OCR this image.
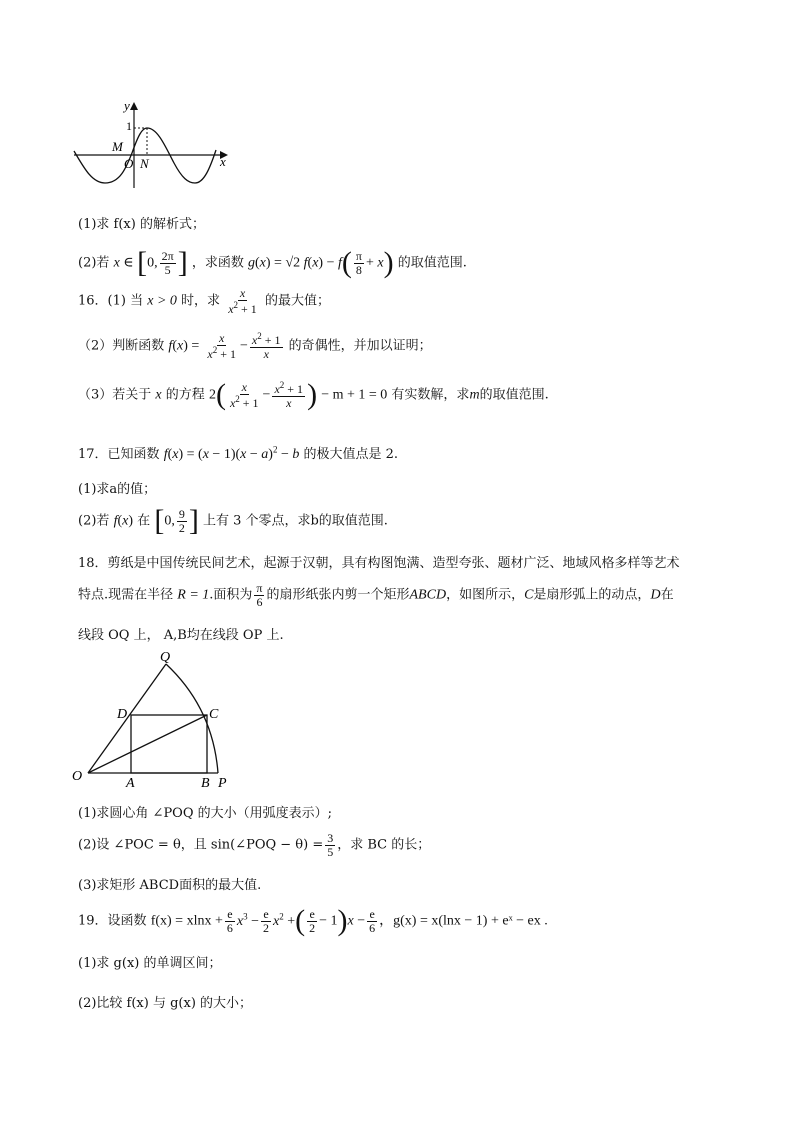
y
x
1
M
O N
(1)求 f(x) 的解析式；
(2)若 x ∈ [0, $\frac{2\pi}{5}$ ] ，求函数 g(x) = √2 $f(x) - f( \frac{\pi}{8} + x)$ 的取值范围.
16．(1) 当 x > 0 时，求 $\frac{x}{x^2 + 1}$ 的最大值；
（2）判断函数 $f(x) = \frac{x}{x^2 + 1} - \frac{x^2 + 1}{x}$ 的奇偶性，并加以证明；
（3）若关于 x 的方程 $2( \frac{x}{x^2 + 1} - \frac{x^2 + 1}{x}$ ) − m + 1 = 0 有实数解，求m的取值范围.
17．已知函数 $f(x) = (x - 1)(x - a)^2 - b$ 的极大值点是 2.
(1)求a的值；
(2)若 f(x) 在 [0, $\frac{9}{2}$ ] 上有 3 个零点，求b的取值范围.
18．剪纸是中国传统民间艺术，起源于汉朝，具有构图饱满、造型夸张、题材广泛、地域风格多样等艺术
特点.现需在半径 R = 1.面积为 $\frac{\pi}{6}$ 的扇形纸张内剪一个矩形ABCD，如图所示，C是扇形弧上的动点，D在
线段 OQ 上， A,B均在线段 OP 上.
Q
D	C
O	A	B P
(1)求圆心角 ∠POQ 的大小（用弧度表示）;
(2)设 ∠POC = θ，且 sin(∠POQ − $\theta) = \frac{3}{5}$ ，求 BC 的长；
(3)求矩形 ABCD面积的最大值.
19．设函数 $f(x) = xlnx + \frac{e}{6} x^3 - \frac{e}{2} x^2$ +( $\frac{e}{2} - 1)x - \frac{e}{6}$ ，g(x) = x(lnx − 1) + eˣ − ex .
(1)求 g(x) 的单调区间；
(2)比较 f(x) 与 g(x) 的大小；
